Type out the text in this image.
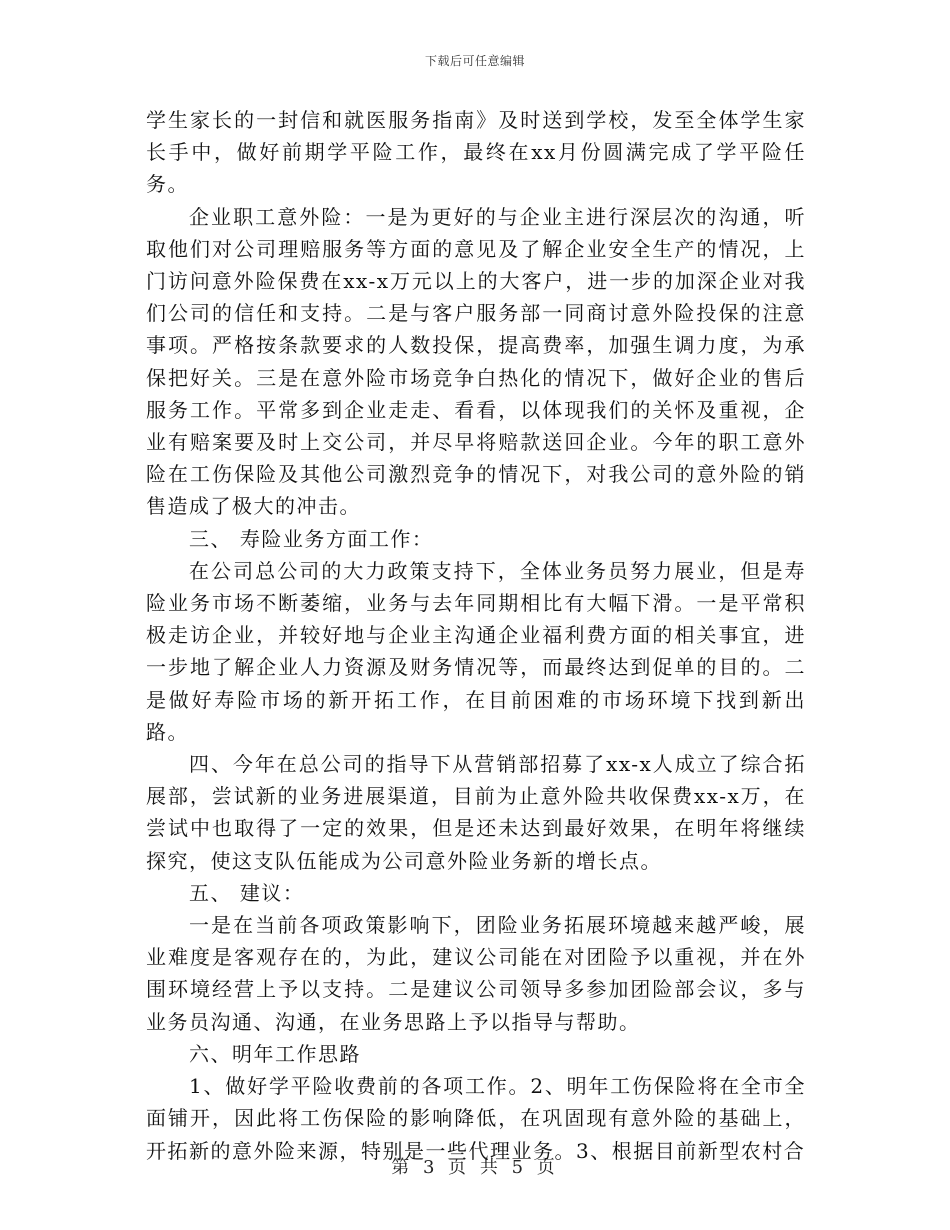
下载后可任意编辑

学生家长的一封信和就医服务指南》及时送到学校，发至全体学生家长手中，做好前期学平险工作，最终在xx月份圆满完成了学平险任务。

企业职工意外险：一是为更好的与企业主进行深层次的沟通，听取他们对公司理赔服务等方面的意见及了解企业安全生产的情况，上门访问意外险保费在xx-x万元以上的大客户，进一步的加深企业对我们公司的信任和支持。二是与客户服务部一同商讨意外险投保的注意事项。严格按条款要求的人数投保，提高费率，加强生调力度，为承保把好关。三是在意外险市场竞争白热化的情况下，做好企业的售后服务工作。平常多到企业走走、看看，以体现我们的关怀及重视，企业有赔案要及时上交公司，并尽早将赔款送回企业。今年的职工意外险在工伤保险及其他公司激烈竞争的情况下，对我公司的意外险的销售造成了极大的冲击。

三、 寿险业务方面工作：

在公司总公司的大力政策支持下，全体业务员努力展业，但是寿险业务市场不断萎缩，业务与去年同期相比有大幅下滑。一是平常积极走访企业，并较好地与企业主沟通企业福利费方面的相关事宜，进一步地了解企业人力资源及财务情况等，而最终达到促单的目的。二是做好寿险市场的新开拓工作，在目前困难的市场环境下找到新出路。

四、今年在总公司的指导下从营销部招募了xx-x人成立了综合拓展部，尝试新的业务进展渠道，目前为止意外险共收保费xx-x万，在尝试中也取得了一定的效果，但是还未达到最好效果，在明年将继续探究，使这支队伍能成为公司意外险业务新的增长点。

五、 建议：

一是在当前各项政策影响下，团险业务拓展环境越来越严峻，展业难度是客观存在的，为此，建议公司能在对团险予以重视，并在外围环境经营上予以支持。二是建议公司领导多参加团险部会议，多与业务员沟通、沟通，在业务思路上予以指导与帮助。

六、明年工作思路

1、做好学平险收费前的各项工作。2、明年工伤保险将在全市全面铺开，因此将工伤保险的影响降低，在巩固现有意外险的基础上，开拓新的意外险来源，特别是一些代理业务。3、根据目前新型农村合

第 3 页 共 5 页
